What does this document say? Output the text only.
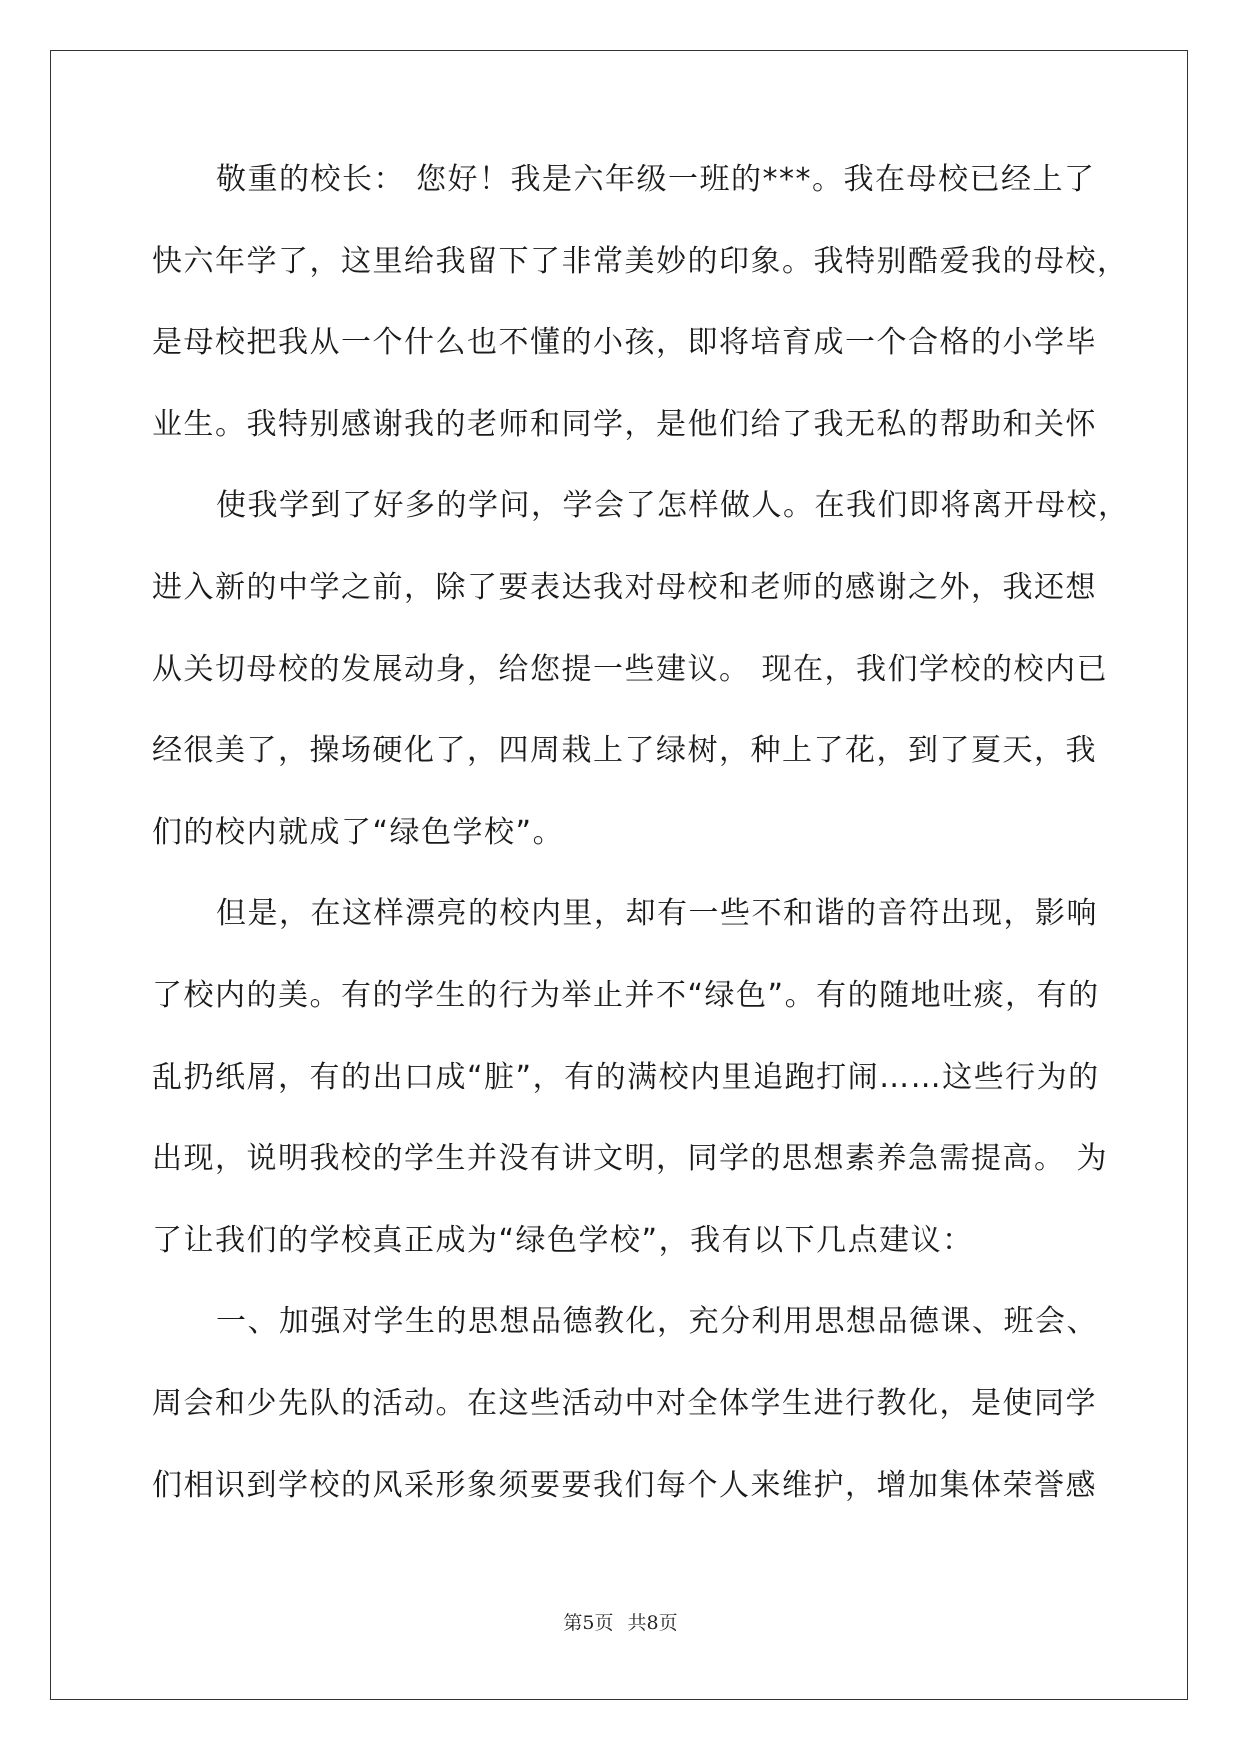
敬重的校长： 您好！我是六年级一班的***。我在母校已经上了
快六年学了，这里给我留下了非常美妙的印象。我特别酷爱我的母校，
是母校把我从一个什么也不懂的小孩，即将培育成一个合格的小学毕
业生。我特别感谢我的老师和同学，是他们给了我无私的帮助和关怀
使我学到了好多的学问，学会了怎样做人。在我们即将离开母校，
进入新的中学之前，除了要表达我对母校和老师的感谢之外，我还想
从关切母校的发展动身，给您提一些建议。 现在，我们学校的校内已
经很美了，操场硬化了，四周栽上了绿树，种上了花，到了夏天，我
们的校内就成了“绿色学校”。
但是，在这样漂亮的校内里，却有一些不和谐的音符出现，影响
了校内的美。有的学生的行为举止并不“绿色”。有的随地吐痰，有的
乱扔纸屑，有的出口成“脏”，有的满校内里追跑打闹……这些行为的
出现，说明我校的学生并没有讲文明，同学的思想素养急需提高。 为
了让我们的学校真正成为“绿色学校”，我有以下几点建议：
一、加强对学生的思想品德教化，充分利用思想品德课、班会、
周会和少先队的活动。在这些活动中对全体学生进行教化，是使同学
们相识到学校的风采形象须要要我们每个人来维护，增加集体荣誉感
第5页 共8页
